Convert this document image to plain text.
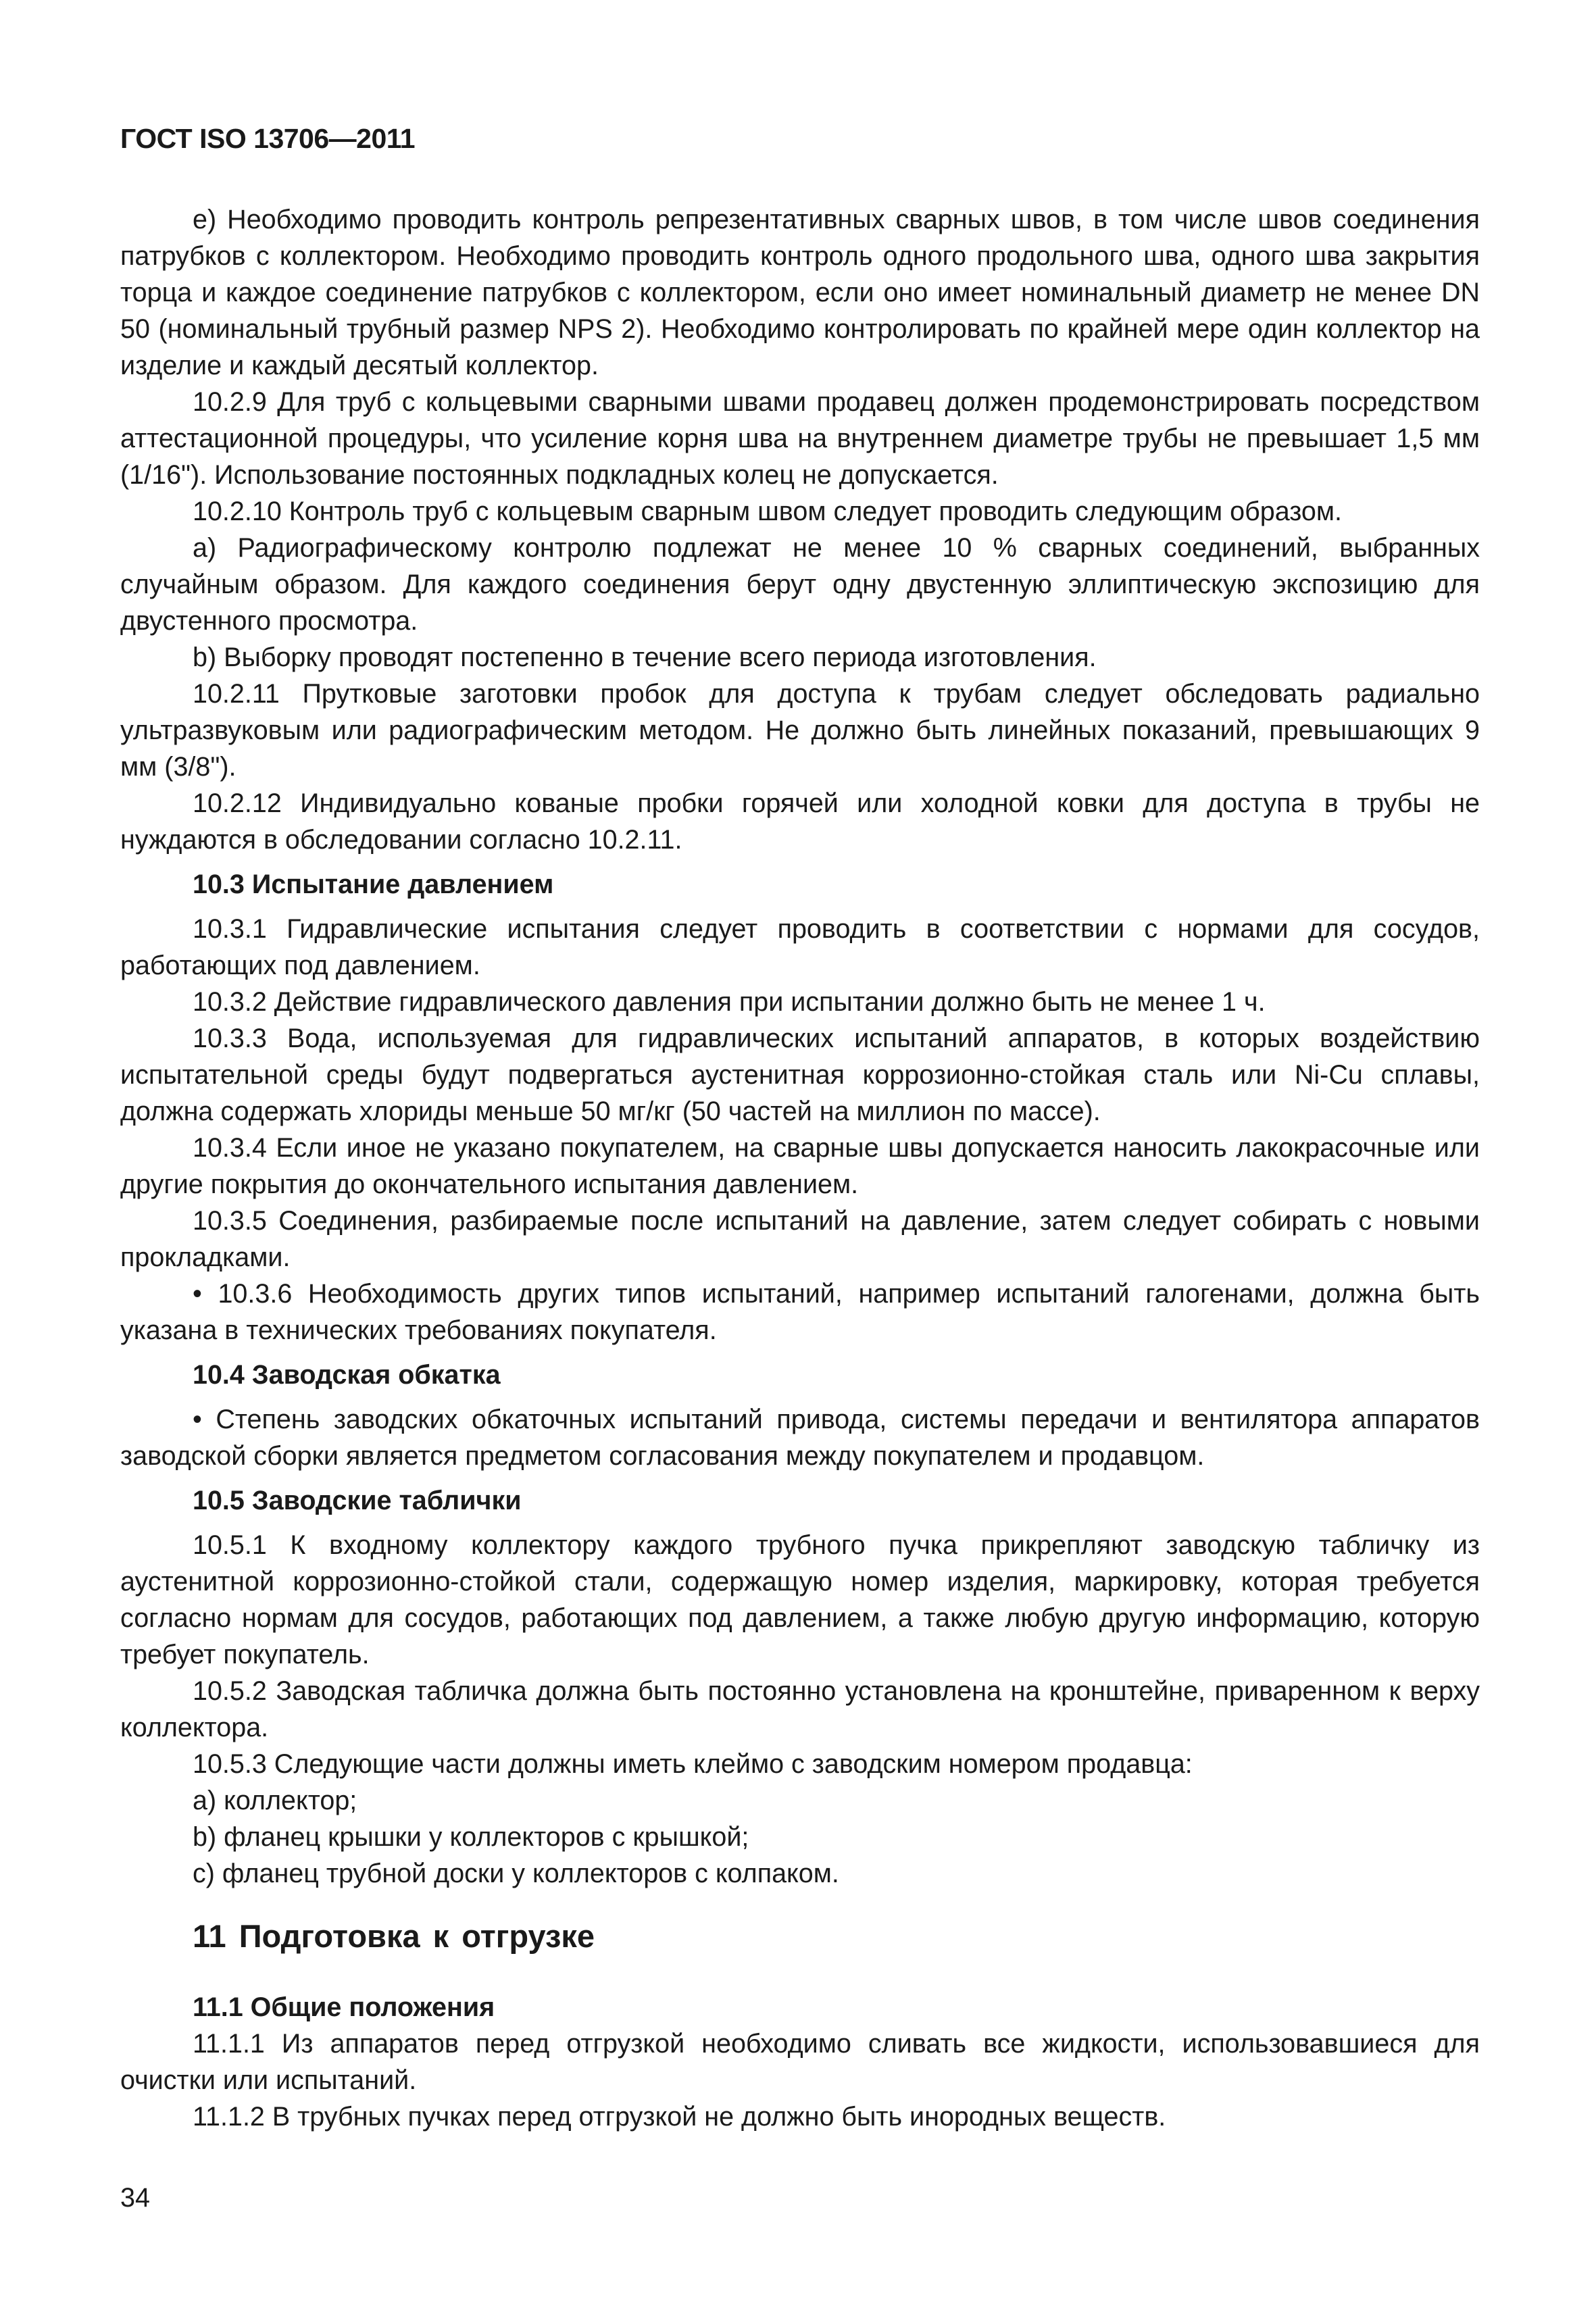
ГОСТ ISO 13706—2011

e) Необходимо проводить контроль репрезентативных сварных швов, в том числе швов соединения патрубков с коллектором. Необходимо проводить контроль одного продольного шва, одного шва закрытия торца и каждое соединение патрубков с коллектором, если оно имеет номинальный диаметр не менее DN 50 (номинальный трубный размер NPS 2). Необходимо контролировать по крайней мере один коллектор на изделие и каждый десятый коллектор.

10.2.9 Для труб с кольцевыми сварными швами продавец должен продемонстрировать посредством аттестационной процедуры, что усиление корня шва на внутреннем диаметре трубы не превышает 1,5 мм (1/16"). Использование постоянных подкладных колец не допускается.

10.2.10 Контроль труб с кольцевым сварным швом следует проводить следующим образом.

a) Радиографическому контролю подлежат не менее 10 % сварных соединений, выбранных случайным образом. Для каждого соединения берут одну двустенную эллиптическую экспозицию для двустенного просмотра.

b) Выборку проводят постепенно в течение всего периода изготовления.

10.2.11 Прутковые заготовки пробок для доступа к трубам следует обследовать радиально ультразвуковым или радиографическим методом. Не должно быть линейных показаний, превышающих 9 мм (3/8").

10.2.12 Индивидуально кованые пробки горячей или холодной ковки для доступа в трубы не нуждаются в обследовании согласно 10.2.11.

10.3 Испытание давлением

10.3.1 Гидравлические испытания следует проводить в соответствии с нормами для сосудов, работающих под давлением.

10.3.2 Действие гидравлического давления при испытании должно быть не менее 1 ч.

10.3.3 Вода, используемая для гидравлических испытаний аппаратов, в которых воздействию испытательной среды будут подвергаться аустенитная коррозионно-стойкая сталь или Ni-Cu сплавы, должна содержать хлориды меньше 50 мг/кг (50 частей на миллион по массе).

10.3.4 Если иное не указано покупателем, на сварные швы допускается наносить лакокрасочные или другие покрытия до окончательного испытания давлением.

10.3.5 Соединения, разбираемые после испытаний на давление, затем следует собирать с новыми прокладками.

• 10.3.6 Необходимость других типов испытаний, например испытаний галогенами, должна быть указана в технических требованиях покупателя.

10.4 Заводская обкатка

• Степень заводских обкаточных испытаний привода, системы передачи и вентилятора аппаратов заводской сборки является предметом согласования между покупателем и продавцом.

10.5 Заводские таблички

10.5.1 К входному коллектору каждого трубного пучка прикрепляют заводскую табличку из аустенитной коррозионно-стойкой стали, содержащую номер изделия, маркировку, которая требуется согласно нормам для сосудов, работающих под давлением, а также любую другую информацию, которую требует покупатель.

10.5.2 Заводская табличка должна быть постоянно установлена на кронштейне, приваренном к верху коллектора.

10.5.3 Следующие части должны иметь клеймо с заводским номером продавца:

a) коллектор;

b) фланец крышки у коллекторов с крышкой;

c) фланец трубной доски у коллекторов с колпаком.

11 Подготовка к отгрузке
11.1 Общие положения

11.1.1 Из аппаратов перед отгрузкой необходимо сливать все жидкости, использовавшиеся для очистки или испытаний.

11.1.2 В трубных пучках перед отгрузкой не должно быть инородных веществ.

34
